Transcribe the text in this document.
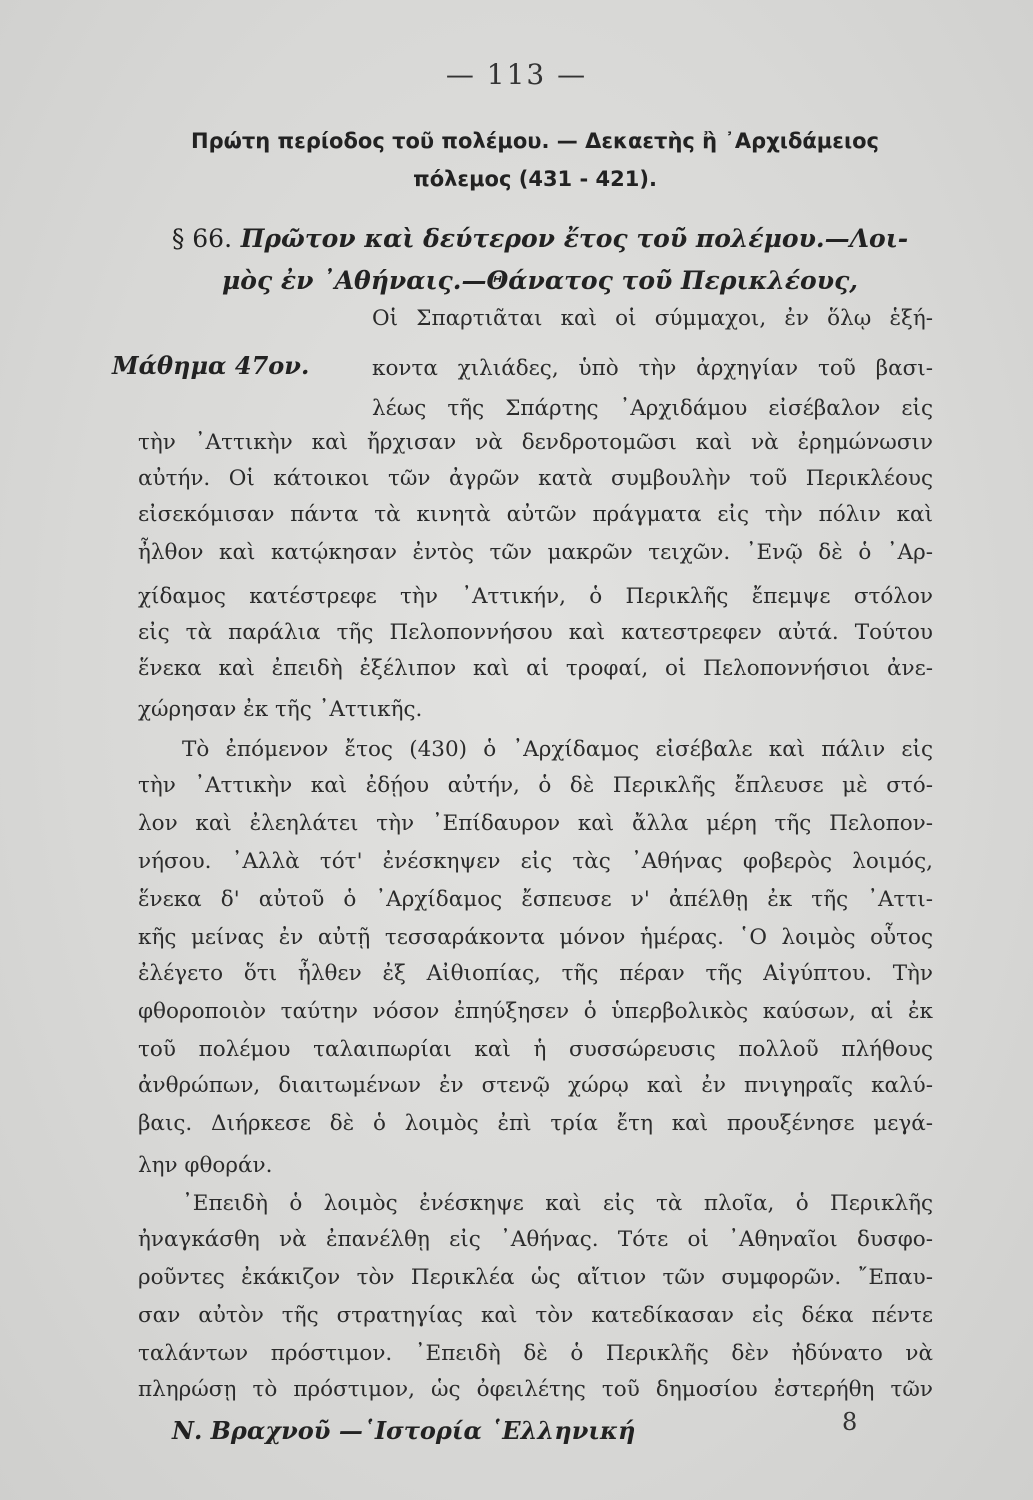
— 113 —
Πρώτη περίοδος τοῦ πολέμου. — Δεκαετὴς ἢ ᾿Αρχιδάμειος
πόλεμος (431 - 421).
§ 66. Πρῶτον καὶ δεύτερον ἔτος τοῦ πολέμου.—Λοι-
μὸς ἐν ᾿Αθήναις.—Θάνατος τοῦ Περικλέους,
Μάθημα 47ον.
Οἱ Σπαρτιᾶται καὶ οἱ σύμμαχοι, ἐν ὅλῳ ἑξή-
κοντα χιλιάδες, ὑπὸ τὴν ἀρχηγίαν τοῦ βασι-
λέως τῆς Σπάρτης ᾿Αρχιδάμου εἰσέβαλον εἰς
τὴν ᾿Αττικὴν καὶ ἤρχισαν νὰ δενδροτομῶσι καὶ νὰ ἐρημώνωσιν
αὐτήν. Οἱ κάτοικοι τῶν ἀγρῶν κατὰ συμβουλὴν τοῦ Περικλέους
εἰσεκόμισαν πάντα τὰ κινητὰ αὐτῶν πράγματα εἰς τὴν πόλιν καὶ
ἦλθον καὶ κατῴκησαν ἐντὸς τῶν μακρῶν τειχῶν. ᾿Ενῷ δὲ ὁ ᾿Αρ-
χίδαμος κατέστρεφε τὴν ᾿Αττικήν, ὁ Περικλῆς ἔπεμψε στόλον
εἰς τὰ παράλια τῆς Πελοποννήσου καὶ κατεστρεφεν αὐτά. Τούτου
ἕνεκα καὶ ἐπειδὴ ἐξέλιπον καὶ αἱ τροφαί, οἱ Πελοποννήσιοι ἀνε-
χώρησαν ἐκ τῆς ᾿Αττικῆς.
Τὸ ἐπόμενον ἔτος (430) ὁ ᾿Αρχίδαμος εἰσέβαλε καὶ πάλιν εἰς
τὴν ᾿Αττικὴν καὶ ἐδῄου αὐτήν, ὁ δὲ Περικλῆς ἔπλευσε μὲ στό-
λον καὶ ἐλεηλάτει τὴν ᾿Επίδαυρον καὶ ἄλλα μέρη τῆς Πελοπον-
νήσου. ᾿Αλλὰ τότ' ἐνέσκηψεν εἰς τὰς ᾿Αθήνας φοβερὸς λοιμός,
ἕνεκα δ' αὐτοῦ ὁ ᾿Αρχίδαμος ἔσπευσε ν' ἀπέλθῃ ἐκ τῆς ᾿Αττι-
κῆς μείνας ἐν αὐτῇ τεσσαράκοντα μόνον ἡμέρας. ῾Ο λοιμὸς οὗτος
ἐλέγετο ὅτι ἦλθεν ἐξ Αἰθιοπίας, τῆς πέραν τῆς Αἰγύπτου. Τὴν
φθοροποιὸν ταύτην νόσον ἐπηύξησεν ὁ ὑπερβολικὸς καύσων, αἱ ἐκ
τοῦ πολέμου ταλαιπωρίαι καὶ ἡ συσσώρευσις πολλοῦ πλήθους
ἀνθρώπων, διαιτωμένων ἐν στενῷ χώρῳ καὶ ἐν πνιγηραῖς καλύ-
βαις. Διήρκεσε δὲ ὁ λοιμὸς ἐπὶ τρία ἔτη καὶ προυξένησε μεγά-
λην φθοράν.
᾿Επειδὴ ὁ λοιμὸς ἐνέσκηψε καὶ εἰς τὰ πλοῖα, ὁ Περικλῆς
ἠναγκάσθη νὰ ἐπανέλθῃ εἰς ᾿Αθήνας. Τότε οἱ ᾿Αθηναῖοι δυσφο-
ροῦντες ἐκάκιζον τὸν Περικλέα ὡς αἴτιον τῶν συμφορῶν. ῎Επαυ-
σαν αὐτὸν τῆς στρατηγίας καὶ τὸν κατεδίκασαν εἰς δέκα πέντε
ταλάντων πρόστιμον. ᾿Επειδὴ δὲ ὁ Περικλῆς δὲν ἠδύνατο νὰ
πληρώσῃ τὸ πρόστιμον, ὡς ὀφειλέτης τοῦ δημοσίου ἐστερήθη τῶν
Ν. Βραχνοῦ —῾Ιστορία ῾Ελληνική	8
